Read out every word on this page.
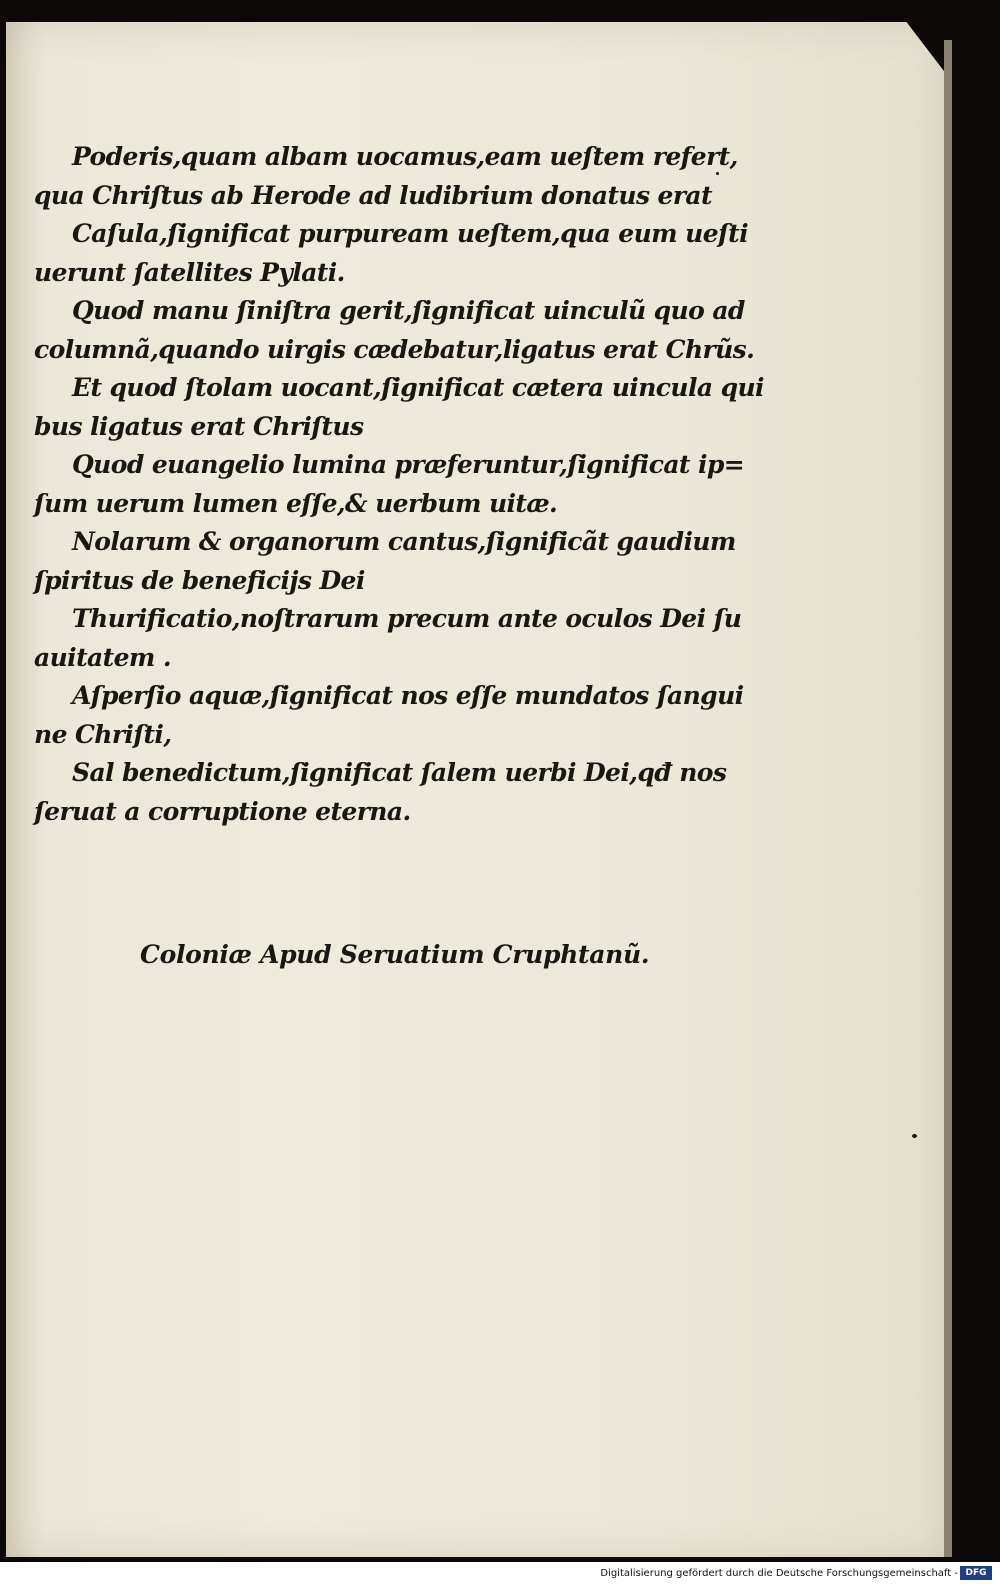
Poderis,quam albam uocamus,eam ueſtem refert,
qua Chriſtus ab Herode ad ludibrium donatus erat
Caſula,ſignificat purpuream ueſtem,qua eum ueſti
uerunt ſatellites Pylati.
Quod manu ſiniſtra gerit,ſignificat uinculũ quo ad
columnã,quando uirgis cædebatur,ligatus erat Chrũs.
Et quod ſtolam uocant,ſignificat cætera uincula qui
bus ligatus erat Chriſtus
Quod euangelio lumina præferuntur,ſignificat ip=
ſum uerum lumen eſſe,& uerbum uitæ.
Nolarum & organorum cantus,ſignificãt gaudium
ſpiritus de beneficijs Dei
Thurificatio,noſtrarum precum ante oculos Dei ſu
auitatem .
Aſperſio aquæ,ſignificat nos eſſe mundatos ſangui
ne Chriſti,
Sal benedictum,ſignificat ſalem uerbi Dei,qđ nos
ſeruat a corruptione eterna.
Coloniæ Apud Seruatium Cruphtanũ.
Digitalisierung gefördert durch die Deutsche Forschungsgemeinschaft - DFG
